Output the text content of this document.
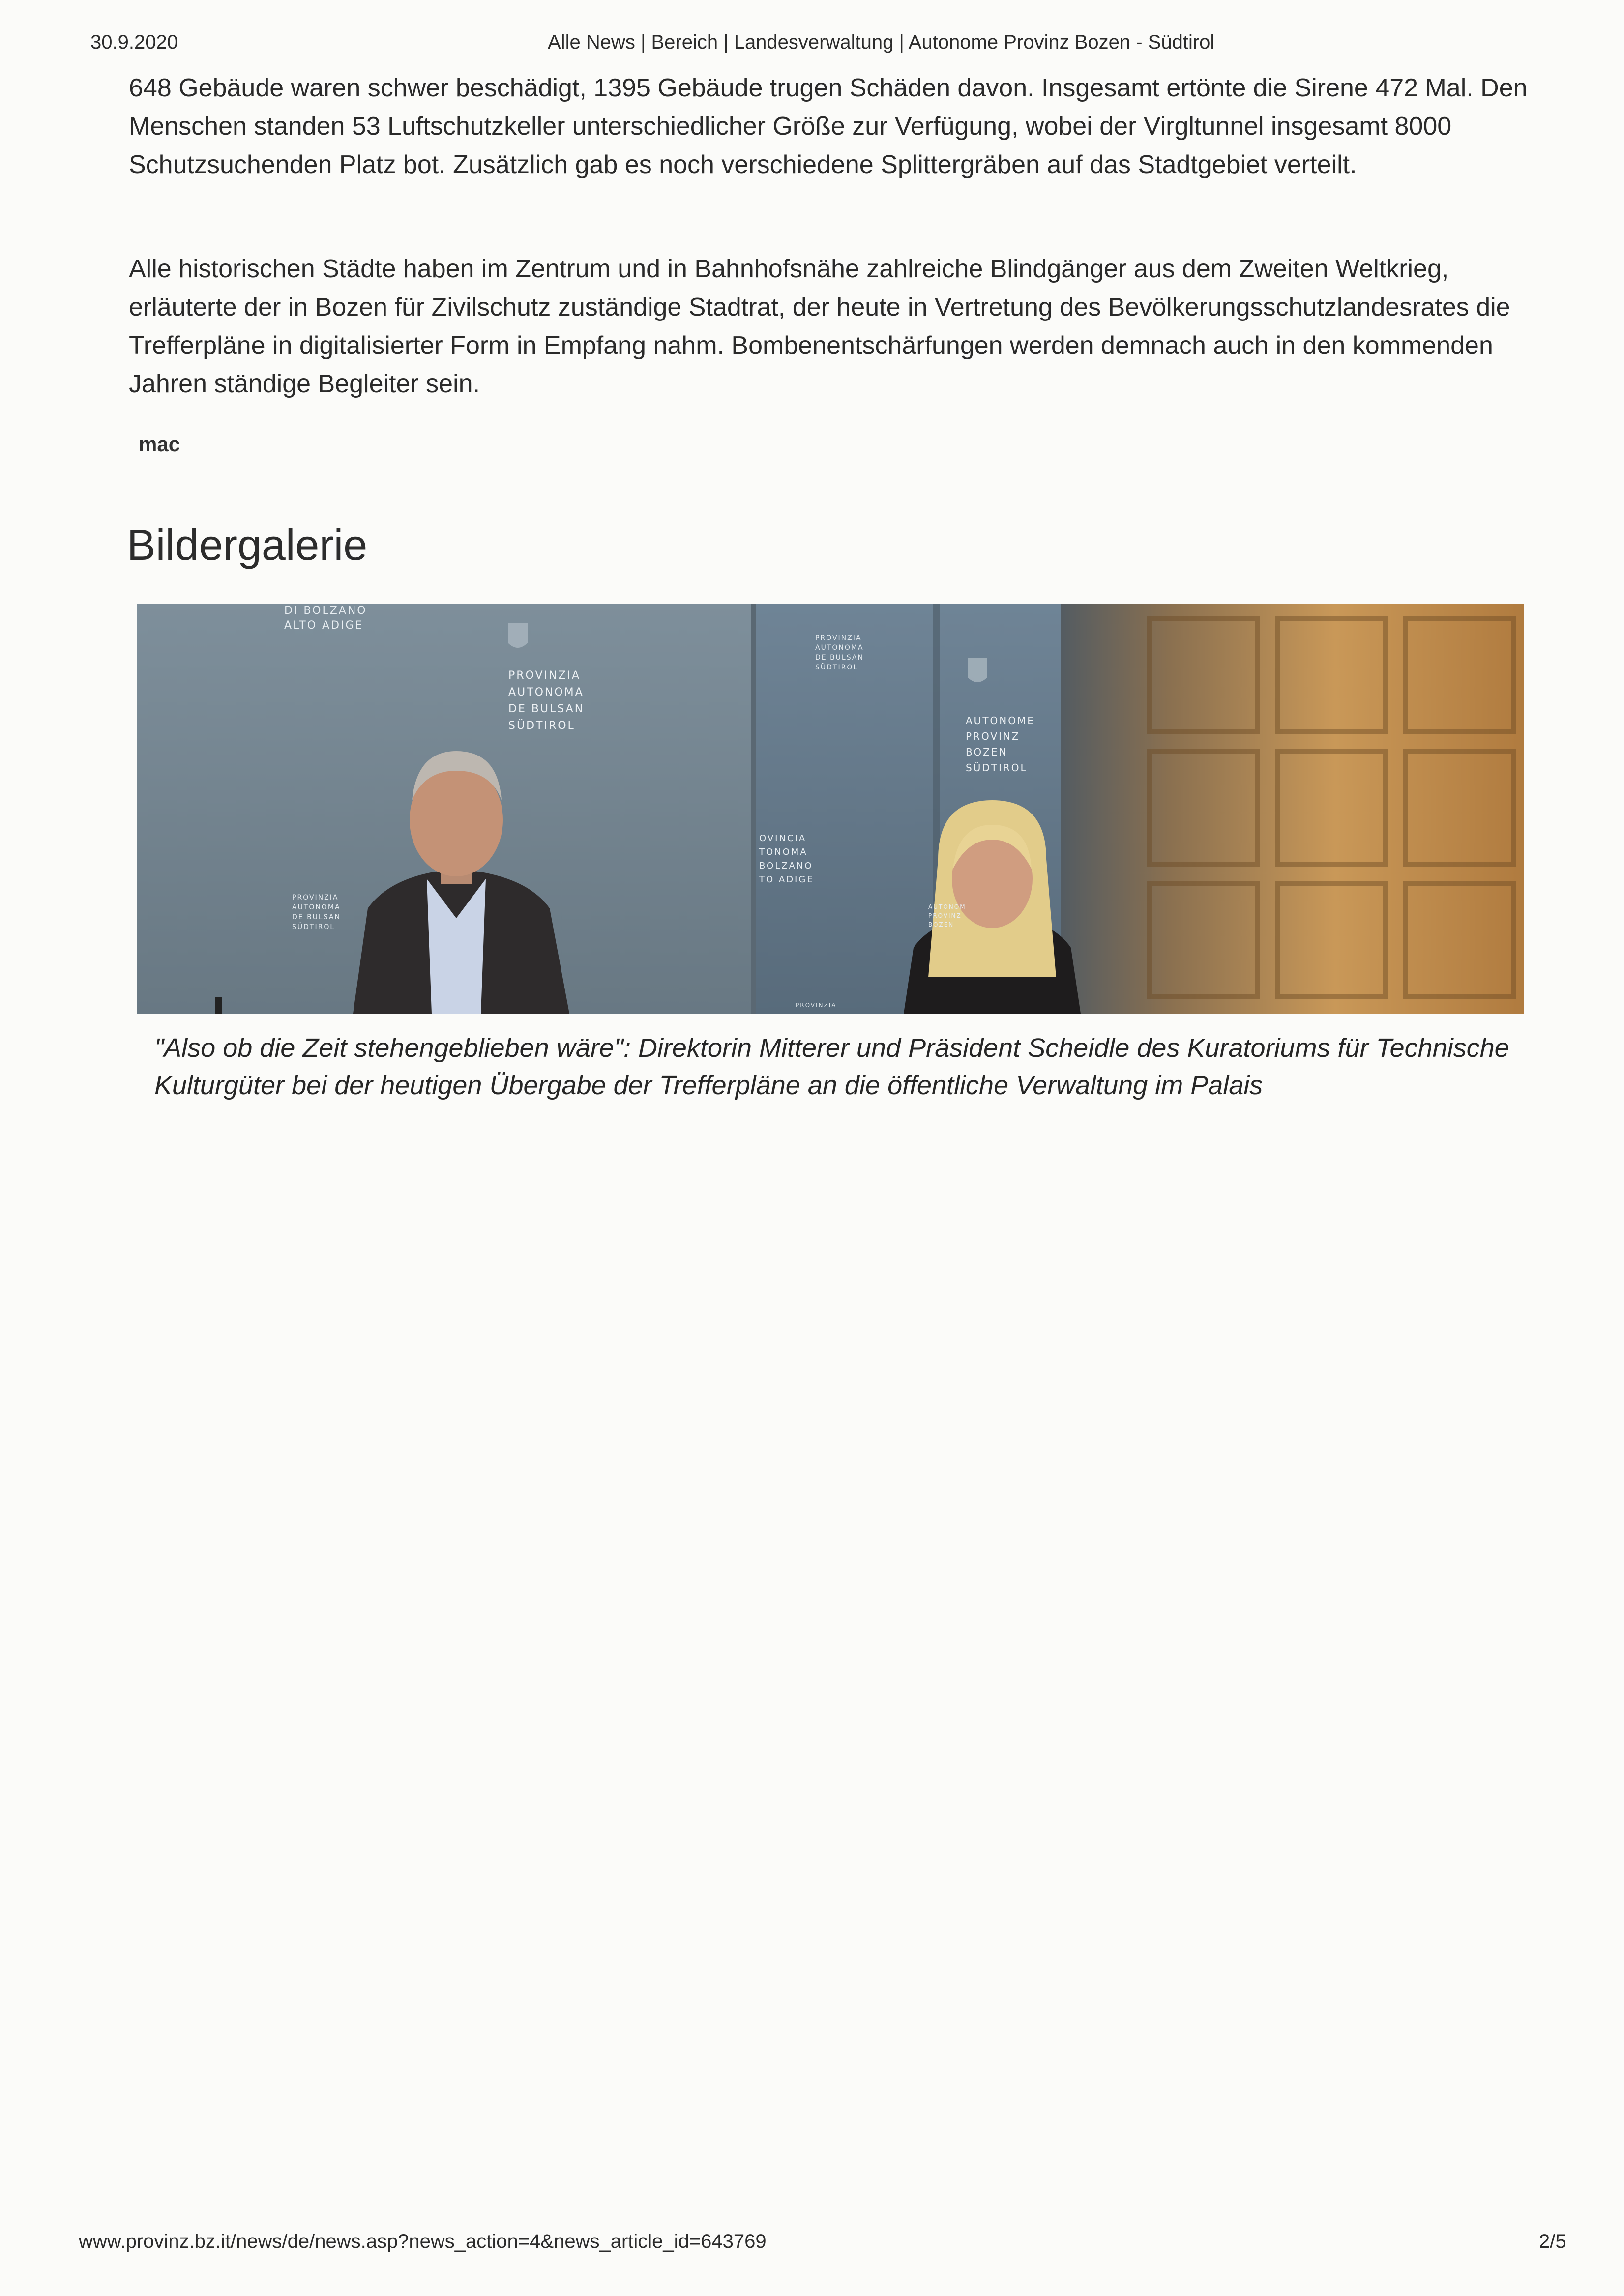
30.9.2020	Alle News | Bereich | Landesverwaltung | Autonome Provinz Bozen - Südtirol

648 Gebäude waren schwer beschädigt, 1395 Gebäude trugen Schäden davon. Insgesamt ertönte die Sirene 472 Mal. Den Menschen standen 53 Luftschutzkeller unterschiedlicher Größe zur Verfügung, wobei der Virgltunnel insgesamt 8000 Schutzsuchenden Platz bot. Zusätzlich gab es noch verschiedene Splittergräben auf das Stadtgebiet verteilt.

Alle historischen Städte haben im Zentrum und in Bahnhofsnähe zahlreiche Blindgänger aus dem Zweiten Weltkrieg, erläuterte der in Bozen für Zivilschutz zuständige Stadtrat, der heute in Vertretung des Bevölkerungsschutzlandesrates die Trefferpläne in digitalisierter Form in Empfang nahm. Bombenentschärfungen werden demnach auch in den kommenden Jahren ständige Begleiter sein.

mac
Bildergalerie
DI BOLZANO
ALTO ADIGE
PROVINZIA
AUTONOMA
DE BULSAN
SÜDTIROL
PROVINZIA
AUTONOMA
DE BULSAN
SÜDTIROL
PROVINZIA
AUTONOMA
DE BULSAN
SÜDTIROL
AUTONOME
PROVINZ
BOZEN
SÜDTIROL
OVINCIA
TONOMA
BOLZANO
TO ADIGE
AUTONOM
PROVINZ
BOZEN
PROVINZIA
"Also ob die Zeit stehengeblieben wäre": Direktorin Mitterer und Präsident Scheidle des Kuratoriums für Technische Kulturgüter bei der heutigen Übergabe der Trefferpläne an die öffentliche Verwaltung im Palais
www.provinz.bz.it/news/de/news.asp?news_action=4&news_article_id=643769	2/5
